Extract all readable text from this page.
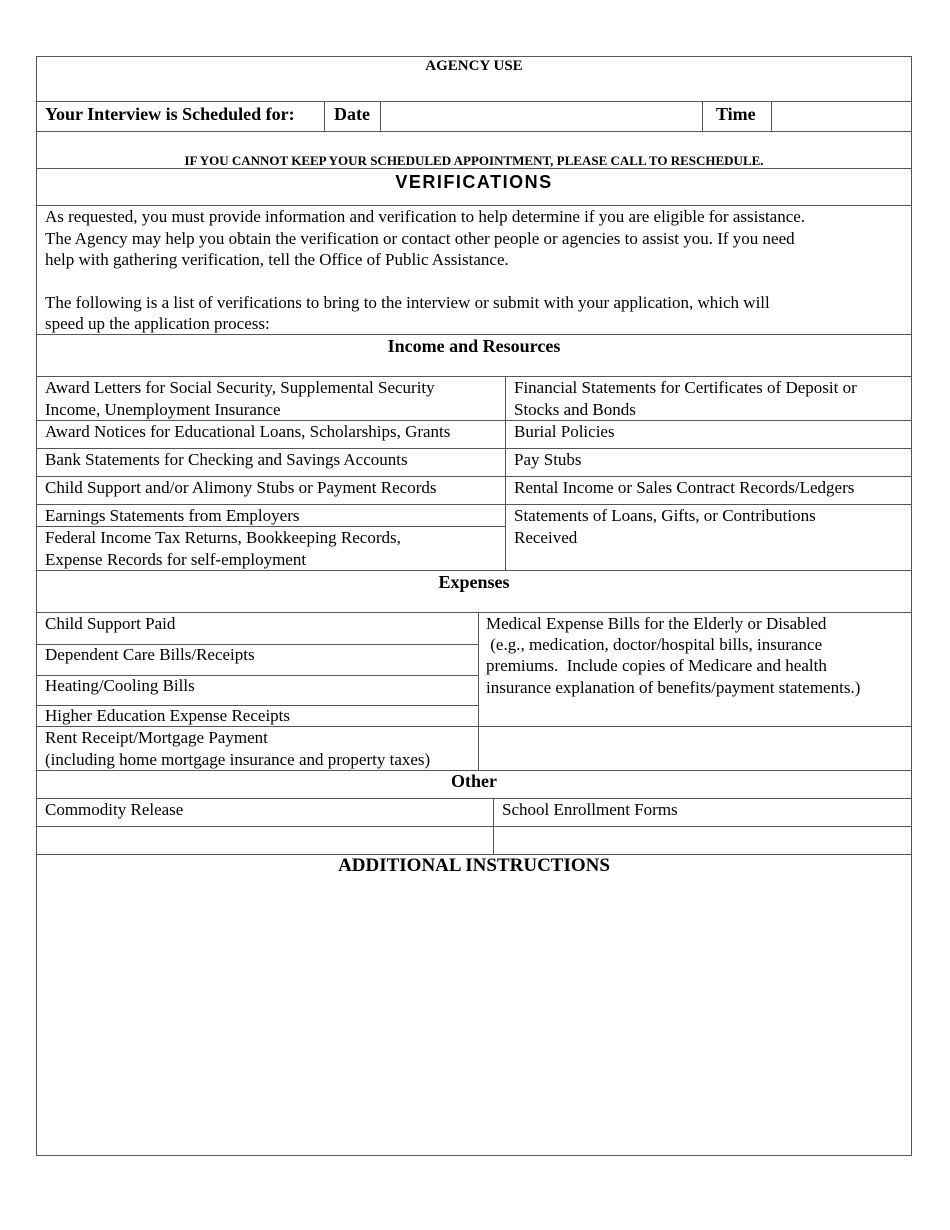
AGENCY USE
Your Interview is Scheduled for: Date	Time
IF YOU CANNOT KEEP YOUR SCHEDULED APPOINTMENT, PLEASE CALL TO RESCHEDULE.
VERIFICATIONS
As requested, you must provide information and verification to help determine if you are eligible for assistance.
The Agency may help you obtain the verification or contact other people or agencies to assist you. If you need
help with gathering verification, tell the Office of Public Assistance.
The following is a list of verifications to bring to the interview or submit with your application, which will
speed up the application process:
Income and Resources
Award Letters for Social Security, Supplemental Security
Income, Unemployment Insurance
Award Notices for Educational Loans, Scholarships, Grants
Bank Statements for Checking and Savings Accounts
Child Support and/or Alimony Stubs or Payment Records
Earnings Statements from Employers
Federal Income Tax Returns, Bookkeeping Records,
Expense Records for self-employment
Financial Statements for Certificates of Deposit or
Stocks and Bonds
Burial Policies
Pay Stubs
Rental Income or Sales Contract Records/Ledgers
Statements of Loans, Gifts, or Contributions
Received
Expenses
Child Support Paid
Dependent Care Bills/Receipts
Heating/Cooling Bills
Higher Education Expense Receipts
Rent Receipt/Mortgage Payment
(including home mortgage insurance and property taxes)
Medical Expense Bills for the Elderly or Disabled
(e.g., medication, doctor/hospital bills, insurance
premiums.  Include copies of Medicare and health
insurance explanation of benefits/payment statements.)
Other
Commodity Release	School Enrollment Forms
ADDITIONAL INSTRUCTIONS
